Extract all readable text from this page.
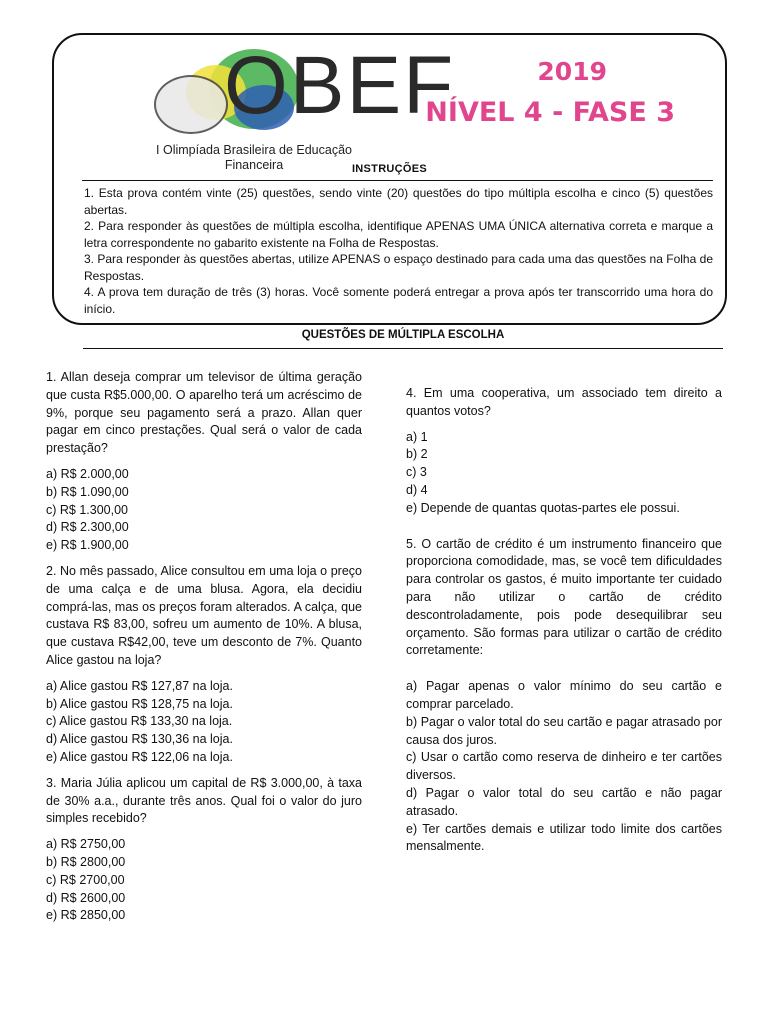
OBEF
I Olimpíada Brasileira de Educação
Financeira
2019
NÍVEL 4 - FASE 3
INSTRUÇÕES

1. Esta prova contém vinte (25) questões, sendo vinte (20) questões do tipo múltipla escolha e cinco (5) questões abertas.

2. Para responder às questões de múltipla escolha, identifique APENAS UMA ÚNICA alternativa correta e marque a letra correspondente no gabarito existente na Folha de Respostas.

3. Para responder às questões abertas, utilize APENAS o espaço destinado para cada uma das questões na Folha de Respostas.

4. A prova tem duração de três (3) horas. Você somente poderá entregar a prova após ter transcorrido uma hora do início.

QUESTÕES DE MÚLTIPLA ESCOLHA

1. Allan deseja comprar um televisor de última geração que custa R$5.000,00. O aparelho terá um acréscimo de 9%, porque seu pagamento será a prazo. Allan quer pagar em cinco prestações. Qual será o valor de cada prestação?

a) R$ 2.000,00
b) R$ 1.090,00
c) R$ 1.300,00
d) R$ 2.300,00
e) R$ 1.900,00

2. No mês passado, Alice consultou em uma loja o preço de uma calça e de uma blusa. Agora, ela decidiu comprá-las, mas os preços foram alterados. A calça, que custava R$ 83,00, sofreu um aumento de 10%. A blusa, que custava R$42,00, teve um desconto de 7%. Quanto Alice gastou na loja?

a) Alice gastou R$ 127,87 na loja.
b) Alice gastou R$ 128,75 na loja.
c) Alice gastou R$ 133,30 na loja.
d) Alice gastou R$ 130,36 na loja.
e) Alice gastou R$ 122,06 na loja.

3. Maria Júlia aplicou um capital de R$ 3.000,00, à taxa de 30% a.a., durante três anos. Qual foi o valor do juro simples recebido?

a) R$ 2750,00
b) R$ 2800,00
c) R$ 2700,00
d) R$ 2600,00
e) R$ 2850,00

4. Em uma cooperativa, um associado tem direito a quantos votos?

a) 1
b) 2
c) 3
d) 4
e) Depende de quantas quotas-partes ele possui.

5. O cartão de crédito é um instrumento financeiro que proporciona comodidade, mas, se você tem dificuldades para controlar os gastos, é muito importante ter cuidado para não utilizar o cartão de crédito descontroladamente, pois pode desequilibrar seu orçamento. São formas para utilizar o cartão de crédito corretamente:

a) Pagar apenas o valor mínimo do seu cartão e comprar parcelado.
b) Pagar o valor total do seu cartão e pagar atrasado por causa dos juros.
c) Usar o cartão como reserva de dinheiro e ter cartões diversos.
d) Pagar o valor total do seu cartão e não pagar atrasado.
e) Ter cartões demais e utilizar todo limite dos cartões mensalmente.
